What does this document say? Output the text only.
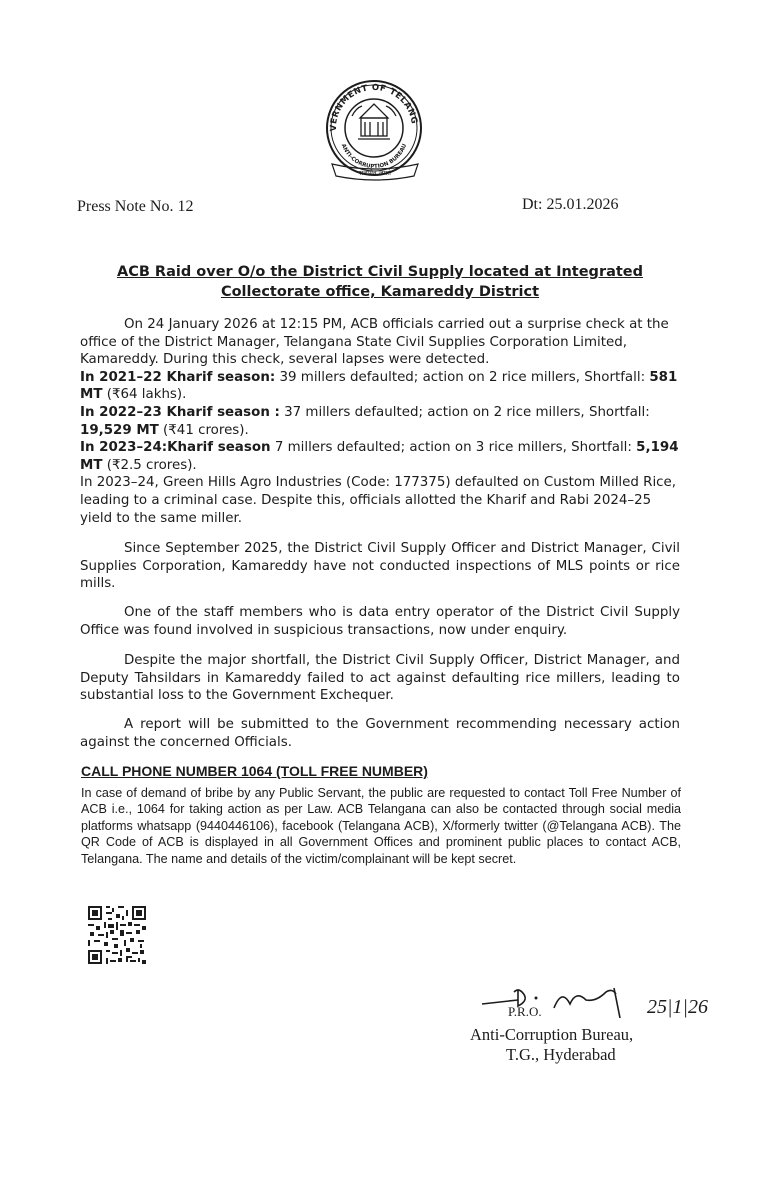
VERNMENT OF TELANG
ANTI-CORRUPTION BUREAU
सत्यमेव जयते
Press Note No. 12	Dt: 25.01.2026
ACB Raid over O/o the District Civil Supply located at Integrated
Collectorate office, Kamareddy District
On 24 January 2026 at 12:15 PM, ACB officials carried out a surprise check at the office of the District Manager, Telangana State Civil Supplies Corporation Limited, Kamareddy. During this check, several lapses were detected.
In 2021–22 Kharif season: 39 millers defaulted; action on 2 rice millers, Shortfall: 581 MT (₹64 lakhs).
In 2022–23 Kharif season : 37 millers defaulted; action on 2 rice millers, Shortfall: 19,529 MT (₹41 crores).
In 2023–24:Kharif season 7 millers defaulted; action on 3 rice millers, Shortfall: 5,194 MT (₹2.5 crores).
In 2023–24, Green Hills Agro Industries (Code: 177375) defaulted on Custom Milled Rice, leading to a criminal case. Despite this, officials allotted the Kharif and Rabi 2024–25 yield to the same miller.
Since September 2025, the District Civil Supply Officer and District Manager, Civil Supplies Corporation, Kamareddy have not conducted inspections of MLS points or rice mills.
One of the staff members who is data entry operator of the District Civil Supply Office was found involved in suspicious transactions, now under enquiry.
Despite the major shortfall, the District Civil Supply Officer, District Manager, and Deputy Tahsildars in Kamareddy failed to act against defaulting rice millers, leading to substantial loss to the Government Exchequer.
A report will be submitted to the Government recommending necessary action against the concerned Officials.
CALL PHONE NUMBER 1064 (TOLL FREE NUMBER)
In case of demand of bribe by any Public Servant, the public are requested to contact Toll Free Number of ACB i.e., 1064 for taking action as per Law. ACB Telangana can also be contacted through social media platforms whatsapp (9440446106), facebook (Telangana ACB), X/formerly twitter (@Telangana ACB). The QR Code of ACB is displayed in all Government Offices and prominent public places to contact ACB, Telangana. The name and details of the victim/complainant will be kept secret.
P.R.O.	25|1|26
Anti-Corruption Bureau,
T.G., Hyderabad
